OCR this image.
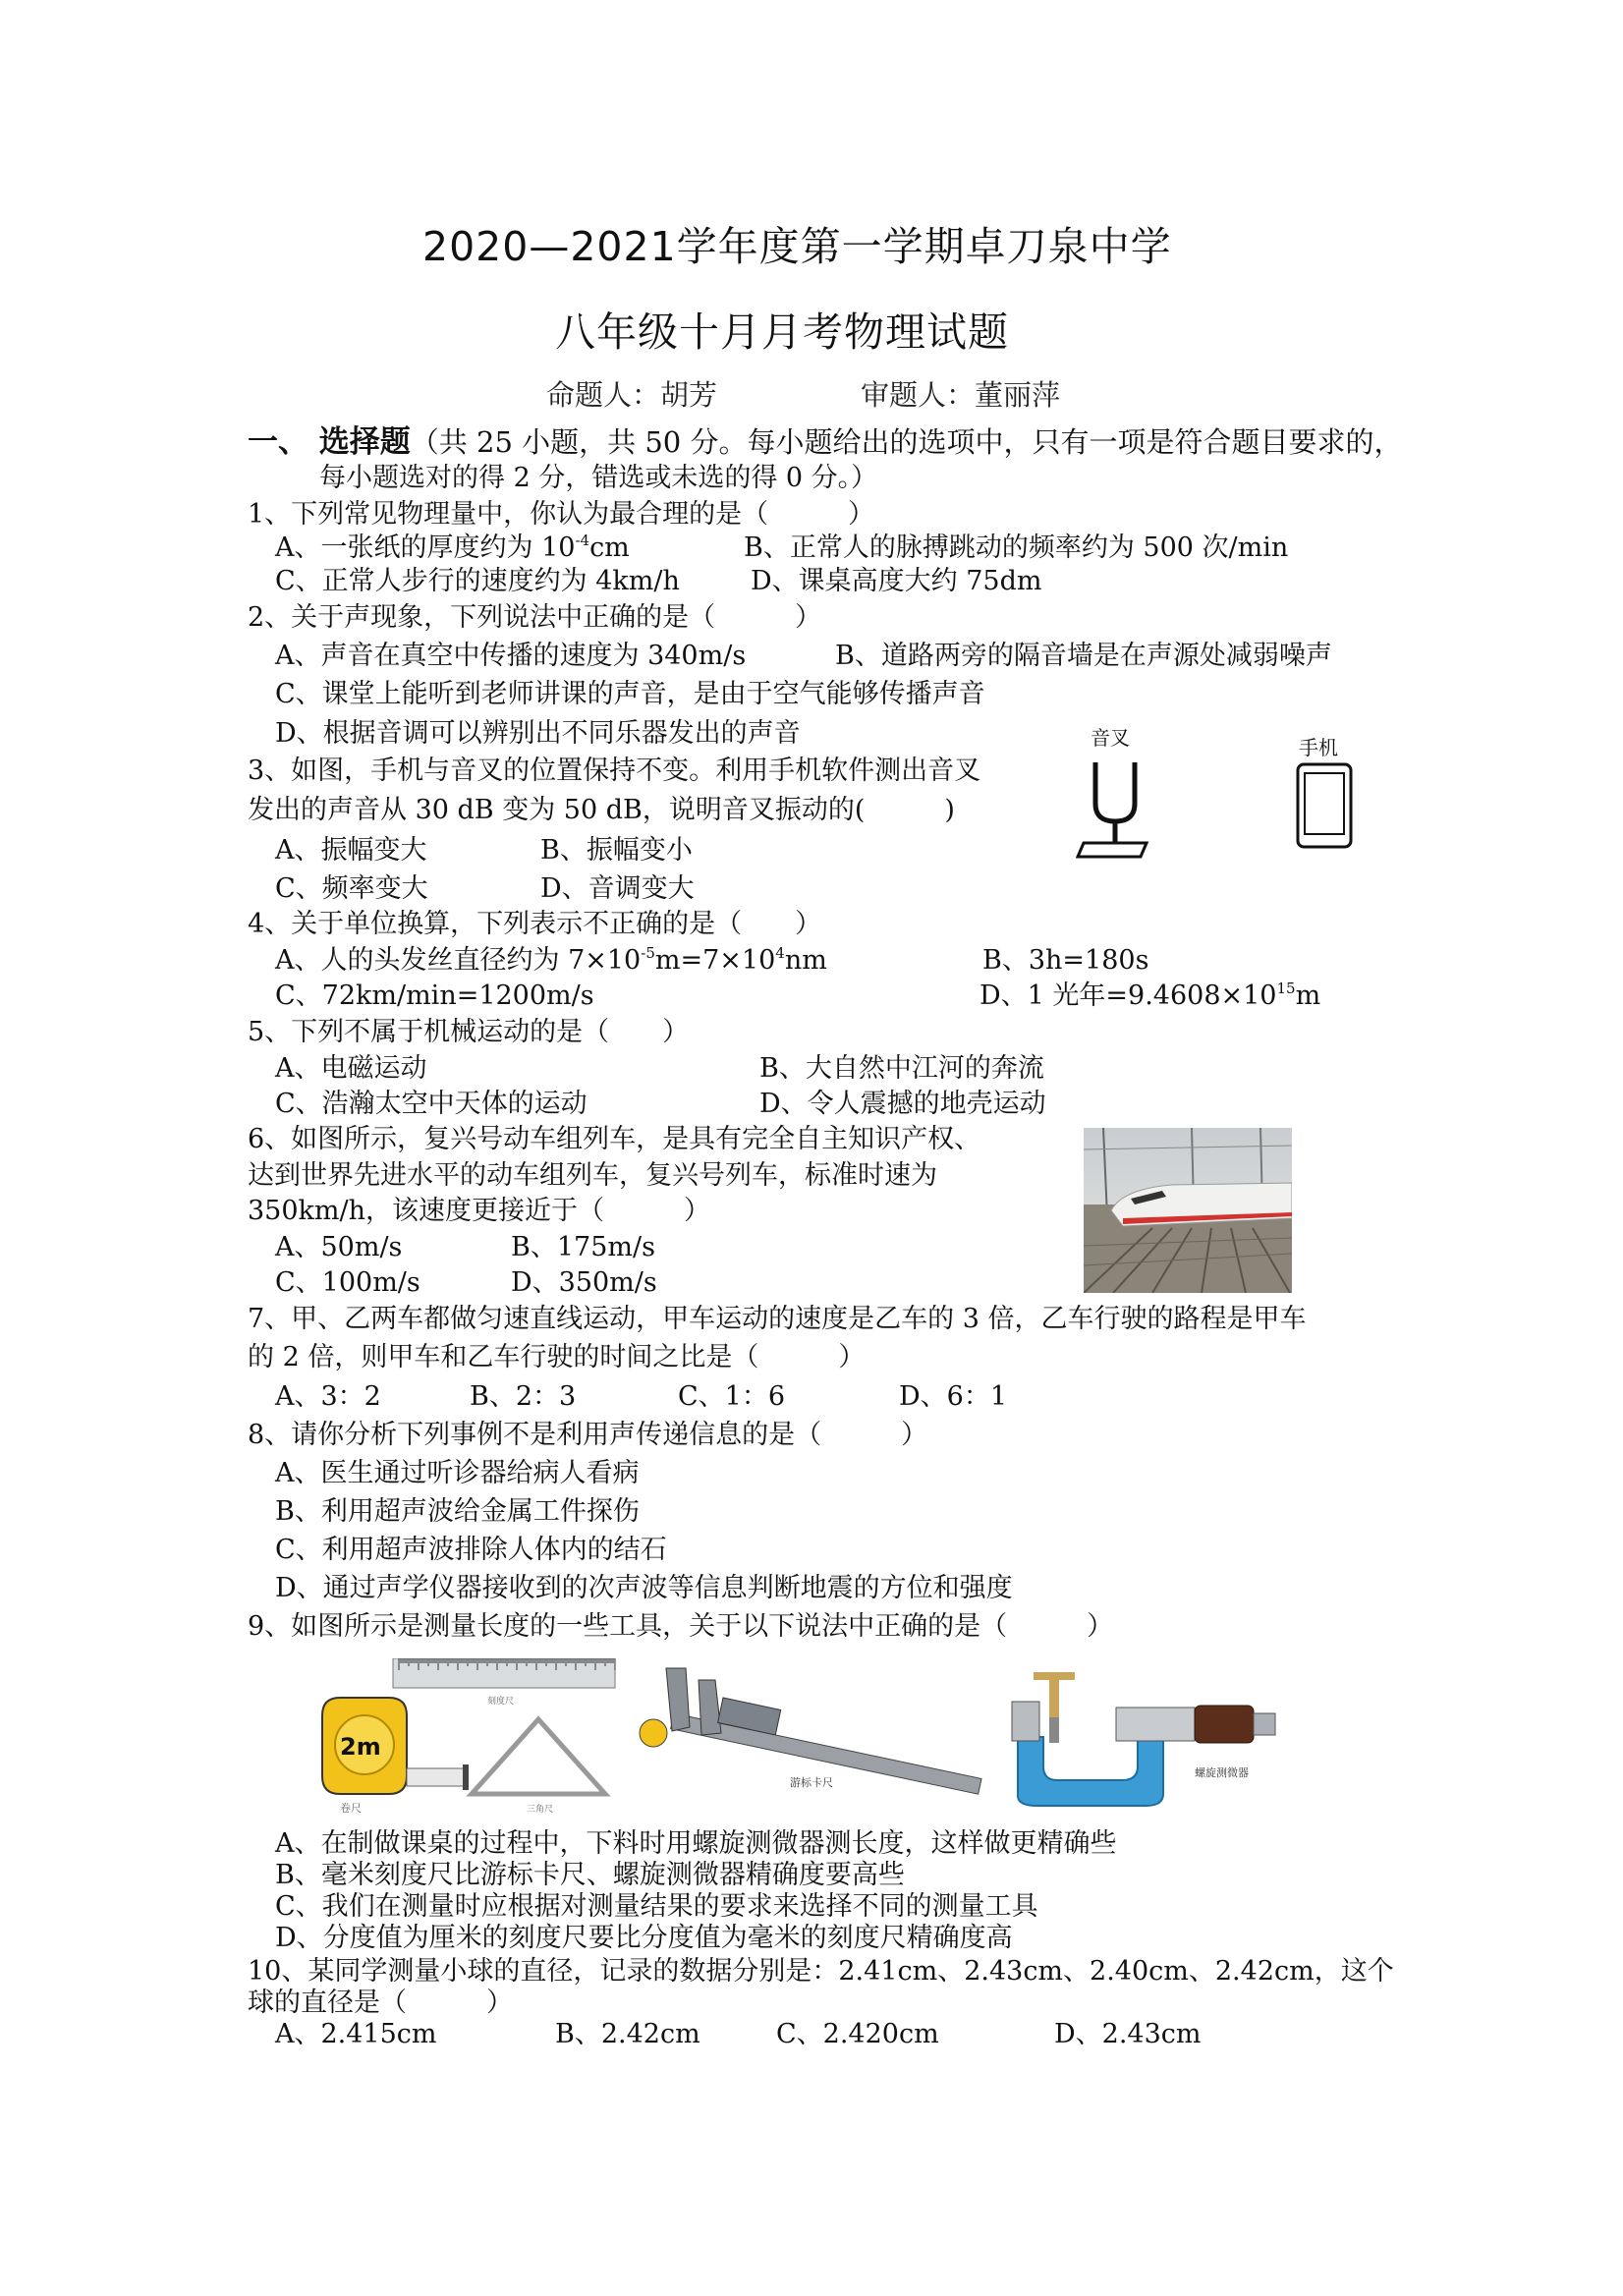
2020—2021学年度第一学期卓刀泉中学
八年级十月月考物理试题
命题人：胡芳	审题人：董丽萍
一、 选择题（共 25 小题，共 50 分。每小题给出的选项中，只有一项是符合题目要求的，
每小题选对的得 2 分，错选或未选的得 0 分。）
1、下列常见物理量中，你认为最合理的是（　　　）
A、一张纸的厚度约为 $10^{-4}cm$	B、正常人的脉搏跳动的频率约为 500 次/min
C、正常人步行的速度约为 4km/h	D、课桌高度大约 75dm
2、关于声现象，下列说法中正确的是（　　　）
A、声音在真空中传播的速度为 340m/s	B、道路两旁的隔音墙是在声源处减弱噪声
C、课堂上能听到老师讲课的声音，是由于空气能够传播声音
D、根据音调可以辨别出不同乐器发出的声音
3、如图，手机与音叉的位置保持不变。利用手机软件测出音叉
发出的声音从 30 dB 变为 50 dB，说明音叉振动的(　　　)
A、振幅变大	B、振幅变小
C、频率变大	D、音调变大
音叉	手机
4、关于单位换算，下列表示不正确的是（　　）
A、人的头发丝直径约为 $7\times 10^{-5}m=7\times 10^4nm$	B、3h=180s
C、72km/min=1200m/s	D、1 光年$=9.4608\times 10^{15}m$
5、下列不属于机械运动的是（　　）
A、电磁运动	B、大自然中江河的奔流
C、浩瀚太空中天体的运动	D、令人震撼的地壳运动
6、如图所示，复兴号动车组列车，是具有完全自主知识产权、
达到世界先进水平的动车组列车，复兴号列车，标准时速为
350km/h，该速度更接近于（　　　）
A、50m/s	B、175m/s
C、100m/s	D、350m/s
7、甲、乙两车都做匀速直线运动，甲车运动的速度是乙车的 3 倍，乙车行驶的路程是甲车
的 2 倍，则甲车和乙车行驶的时间之比是（　　　）
A、3：2	B、2：3	C、1：6	D、6：1
8、请你分析下列事例不是利用声传递信息的是（　　　）
A、医生通过听诊器给病人看病
B、利用超声波给金属工件探伤
C、利用超声波排除人体内的结石
D、通过声学仪器接收到的次声波等信息判断地震的方位和强度
9、如图所示是测量长度的一些工具，关于以下说法中正确的是（　　　）
2m
卷尺
刻度尺
三角尺
游标卡尺
螺旋测微器
A、在制做课桌的过程中，下料时用螺旋测微器测长度，这样做更精确些
B、毫米刻度尺比游标卡尺、螺旋测微器精确度要高些
C、我们在测量时应根据对测量结果的要求来选择不同的测量工具
D、分度值为厘米的刻度尺要比分度值为毫米的刻度尺精确度高
10、某同学测量小球的直径，记录的数据分别是：2.41cm、2.43cm、2.40cm、2.42cm，这个
球的直径是（　　　）
A、2.415cm	B、2.42cm	C、2.420cm	D、2.43cm
